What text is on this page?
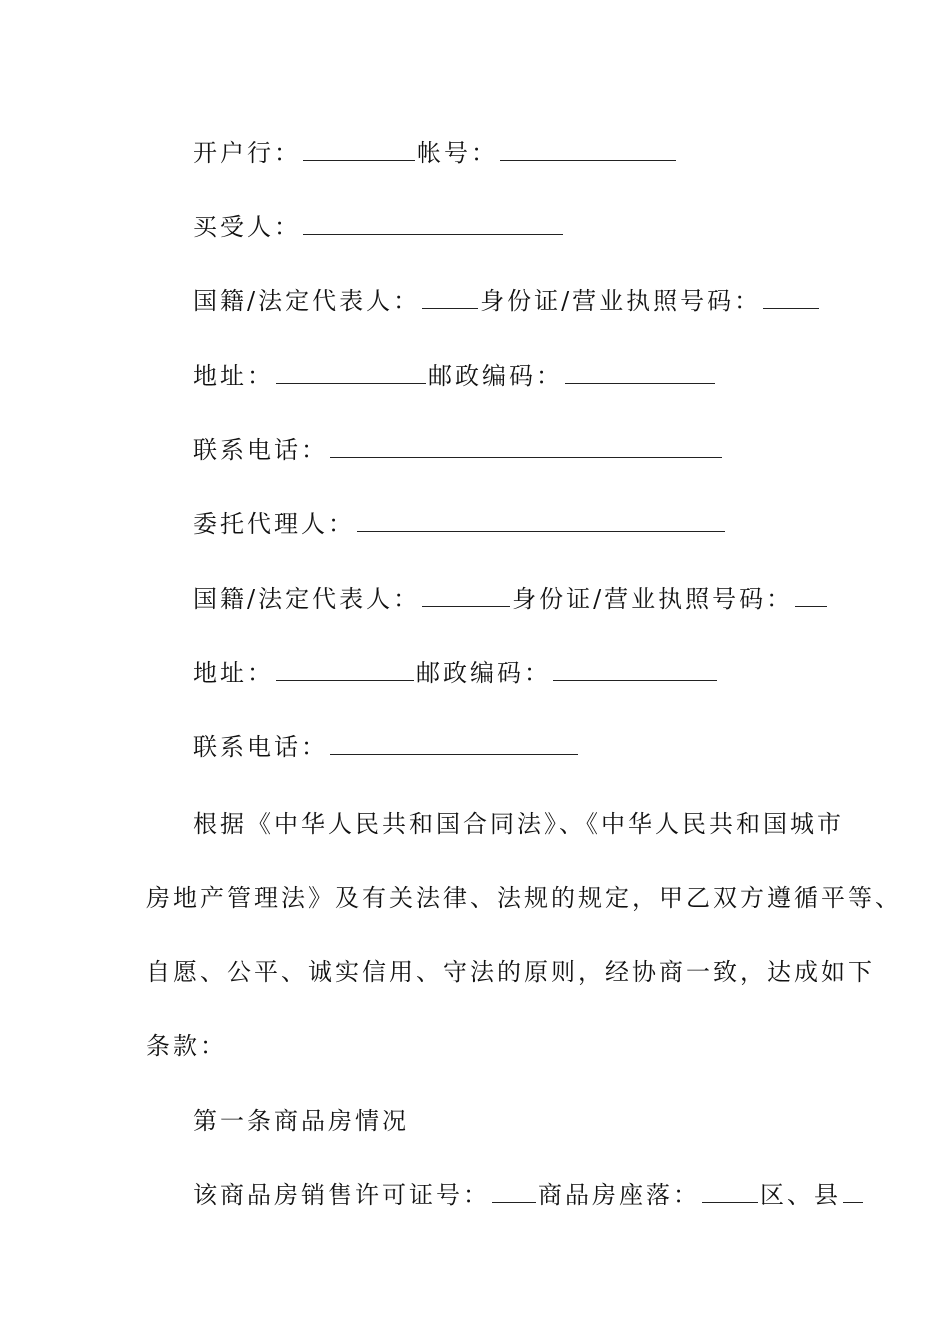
开户行：	帐号：
买受人：
国籍/法定代表人：	身份证/营业执照号码：
地址：	邮政编码：
联系电话：
委托代理人：
国籍/法定代表人：	身份证/营业执照号码：
地址：	邮政编码：
联系电话：
根据《中华人民共和国合同法》、《中华人民共和国城市
房地产管理法》及有关法律、法规的规定，甲乙双方遵循平等、
自愿、公平、诚实信用、守法的原则，经协商一致，达成如下
条款：
第一条商品房情况
该商品房销售许可证号： 商品房座落：	区、县
